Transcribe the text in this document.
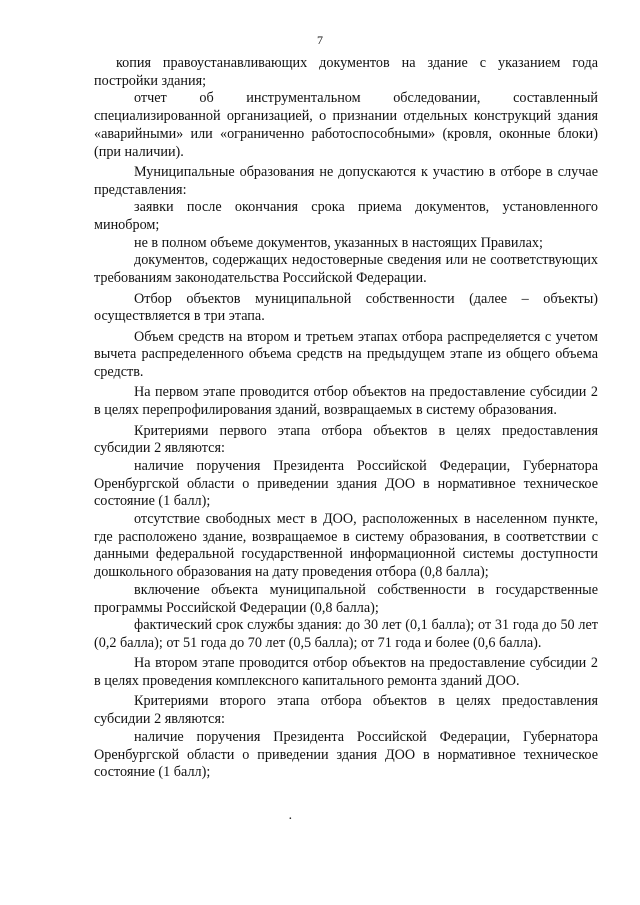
7

копия правоустанавливающих документов на здание с указанием года постройки здания;

отчет об инструментальном обследовании, составленный специализированной организацией, о признании отдельных конструкций здания «аварийными» или «ограниченно работоспособными» (кровля, оконные блоки) (при наличии).

Муниципальные образования не допускаются к участию в отборе в случае представления:

заявки после окончания срока приема документов, установленного минобром;

не в полном объеме документов, указанных в настоящих Правилах;

документов, содержащих недостоверные сведения или не соответствующих требованиям законодательства Российской Федерации.

Отбор объектов муниципальной собственности (далее – объекты) осуществляется в три этапа.

Объем средств на втором и третьем этапах отбора распределяется с учетом вычета распределенного объема средств на предыдущем этапе из общего объема средств.

На первом этапе проводится отбор объектов на предоставление субсидии 2 в целях перепрофилирования зданий, возвращаемых в систему образования.

Критериями первого этапа отбора объектов в целях предоставления субсидии 2 являются:

наличие поручения Президента Российской Федерации, Губернатора Оренбургской области о приведении здания ДОО в нормативное техническое состояние (1 балл);

отсутствие свободных мест в ДОО, расположенных в населенном пункте, где расположено здание, возвращаемое в систему образования, в соответствии с данными федеральной государственной информационной системы доступности дошкольного образования на дату проведения отбора (0,8 балла);

включение объекта муниципальной собственности в государственные программы Российской Федерации (0,8 балла);

фактический срок службы здания: до 30 лет (0,1 балла); от 31 года до 50 лет (0,2 балла); от 51 года до 70 лет (0,5 балла); от 71 года и более (0,6 балла).

На втором этапе проводится отбор объектов на предоставление субсидии 2 в целях проведения комплексного капитального ремонта зданий ДОО.

Критериями второго этапа отбора объектов в целях предоставления субсидии 2 являются:

наличие поручения Президента Российской Федерации, Губернатора Оренбургской области о приведении здания ДОО в нормативное техническое состояние (1 балл);

·
